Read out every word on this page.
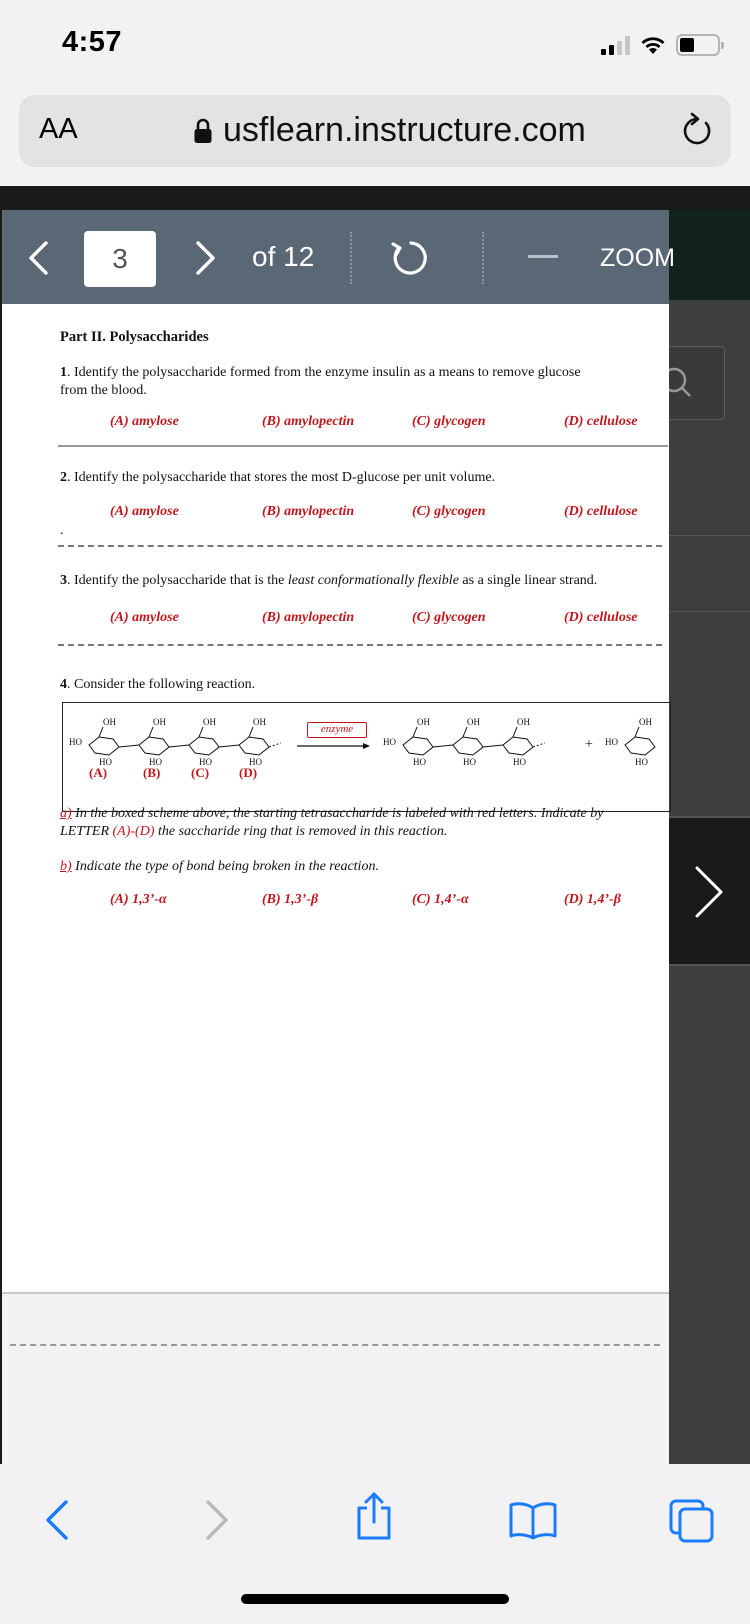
4:57
AA	usflearn.instructure.com
3	of 12	ZOOM
Part II. Polysaccharides
1. Identify the polysaccharide formed from the enzyme insulin as a means to remove glucose
from the blood.
(A) amylose	(B) amylopectin	(C) glycogen	(D) cellulose
2. Identify the polysaccharide that stores the most D-glucose per unit volume.
(A) amylose	(B) amylopectin	(C) glycogen	(D) cellulose
.
3. Identify the polysaccharide that is the least conformationally flexible as a single linear strand.
(A) amylose	(B) amylopectin	(C) glycogen	(D) cellulose
4. Consider the following reaction.
OH	OH	OH	OH
HO
HO	HO	HO	HO
enzyme
OH	OH	OH
HO
HO	HO	HO
+
OH
HO
HO
(A)	(B) (C) (D)
a) In the boxed scheme above, the starting tetrasaccharide is labeled with red letters. Indicate by
LETTER (A)-(D) the saccharide ring that is removed in this reaction.
b) Indicate the type of bond being broken in the reaction.
(A) 1,3’-α	(B) 1,3’-β	(C) 1,4’-α	(D) 1,4’-β
